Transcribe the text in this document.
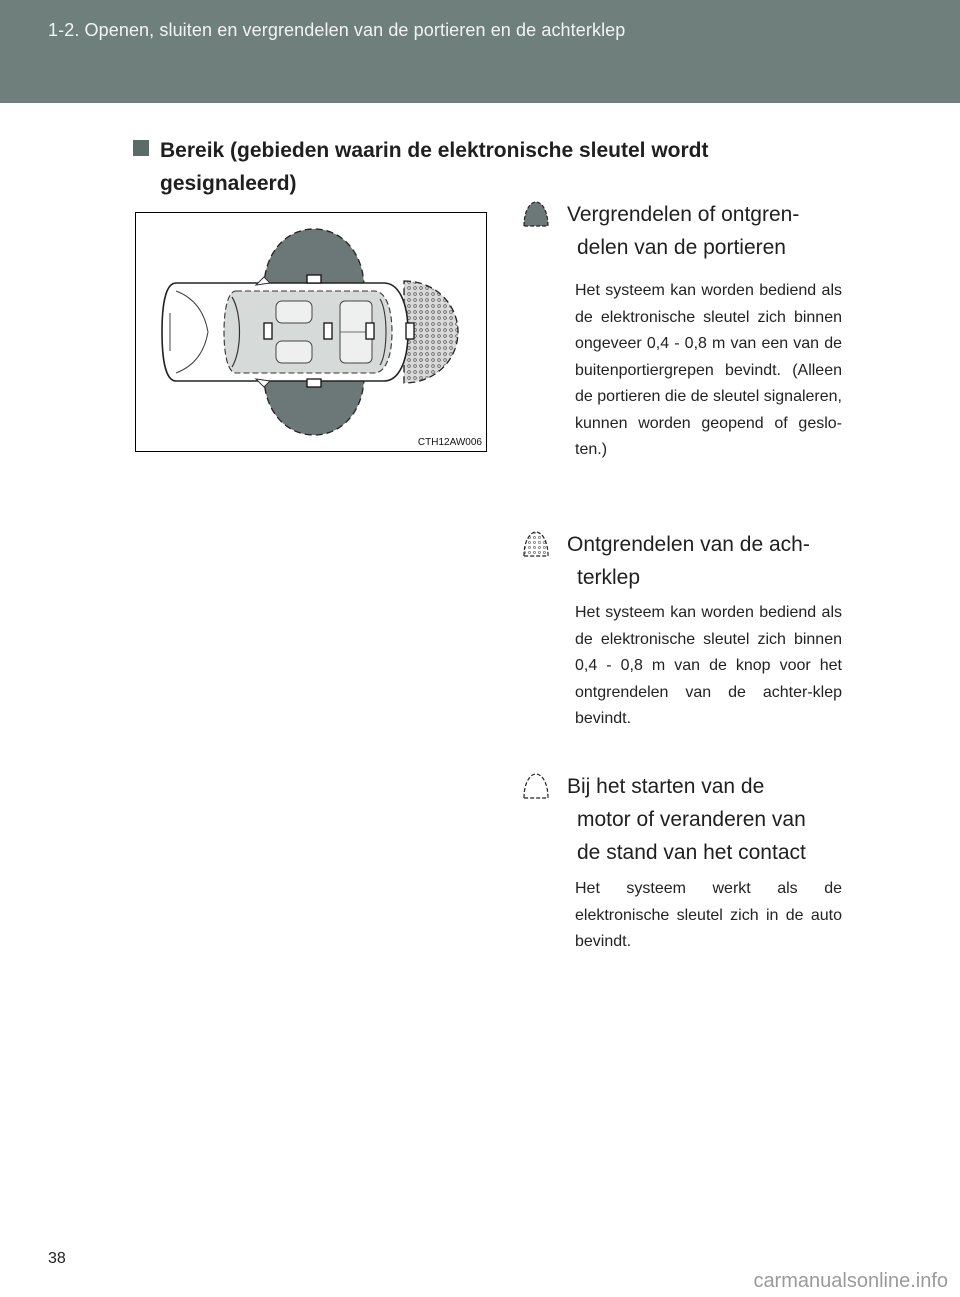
1-2. Openen, sluiten en vergrendelen van de portieren en de achterklep
Bereik (gebieden waarin de elektronische sleutel wordt gesignaleerd)
CTH12AW006
Vergrendelen of ontgren-
delen van de portieren
Het systeem kan worden bediend als de elektronische sleutel zich binnen ongeveer 0,4 - 0,8 m van een van de buitenportiergrepen bevindt. (Alleen de portieren die de sleutel signaleren, kunnen worden geopend of geslo-ten.)
Ontgrendelen van de ach-
terklep
Het systeem kan worden bediend als de elektronische sleutel zich binnen 0,4 - 0,8 m van de knop voor het ontgrendelen van de achter-klep bevindt.
Bij het starten van de
motor of veranderen van
de stand van het contact
Het systeem werkt als de elektronische sleutel zich in de auto bevindt.
38
carmanualsonline.info
